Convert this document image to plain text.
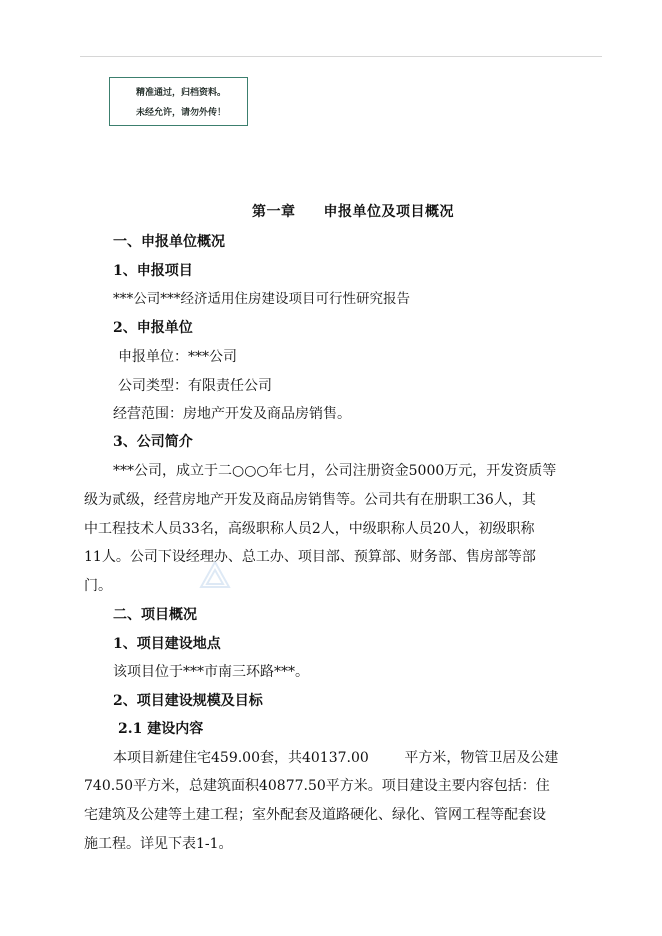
精准通过，归档资料。
未经允许，请勿外传！
第一章 申报单位及项目概况
一、申报单位概况
1、申报项目
***公司***经济适用住房建设项目可行性研究报告
2、申报单位
申报单位：***公司
公司类型：有限责任公司
经营范围：房地产开发及商品房销售。
3、公司简介
***公司，成立于二○○○年七月，公司注册资金5000万元，开发资质等
级为贰级，经营房地产开发及商品房销售等。公司共有在册职工36人，其
中工程技术人员33名，高级职称人员2人，中级职称人员20人，初级职称
11人。公司下设经理办、总工办、项目部、预算部、财务部、售房部等部
门。
二、项目概况
1、项目建设地点
该项目位于***市南三环路***。
2、项目建设规模及目标
2.1 建设内容
本项目新建住宅459.00套，共40137.00        平方米，物管卫居及公建
740.50平方米，总建筑面积40877.50平方米。项目建设主要内容包括：住
宅建筑及公建等土建工程；室外配套及道路硬化、绿化、管网工程等配套设
施工程。详见下表1-1。
